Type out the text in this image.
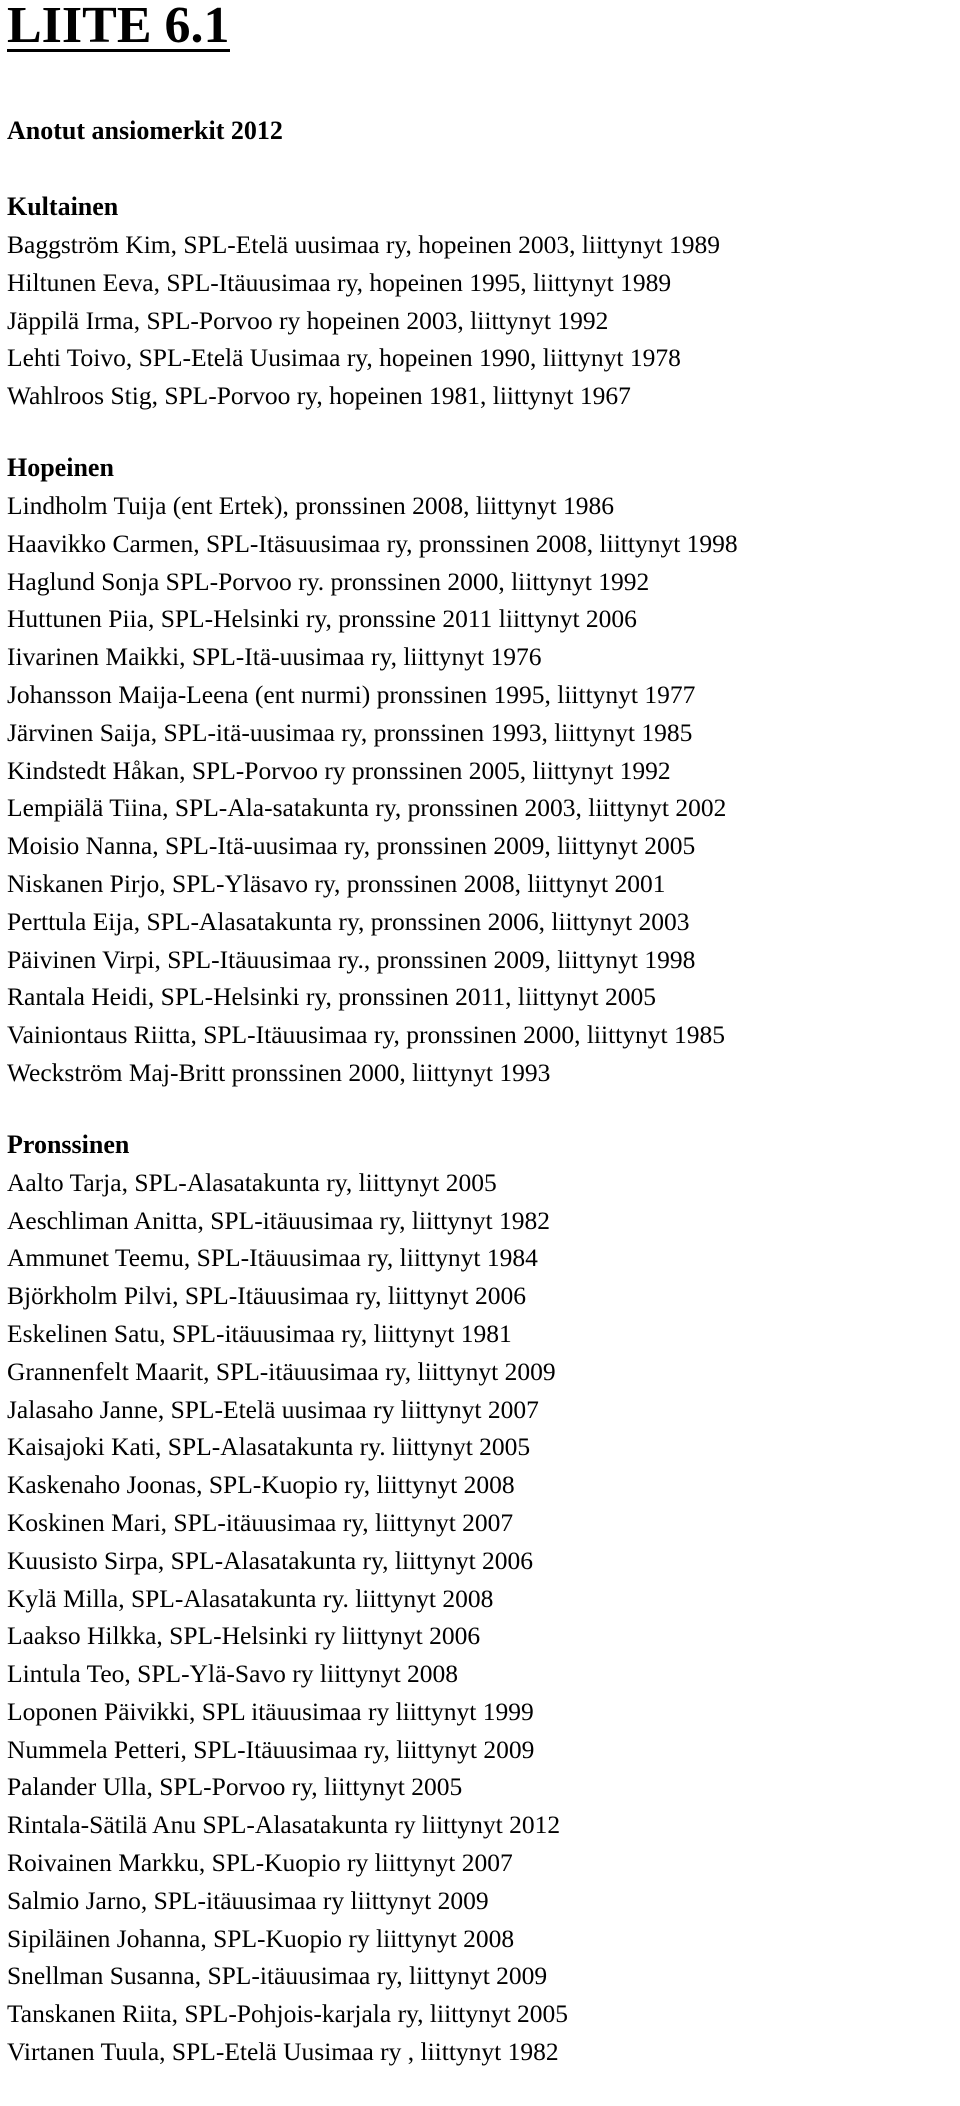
LIITE 6.1
Anotut ansiomerkit 2012
Kultainen
Baggström Kim, SPL-Etelä uusimaa ry, hopeinen 2003, liittynyt 1989
Hiltunen Eeva, SPL-Itäuusimaa ry, hopeinen 1995, liittynyt 1989
Jäppilä Irma, SPL-Porvoo ry hopeinen 2003, liittynyt 1992
Lehti Toivo, SPL-Etelä Uusimaa ry, hopeinen 1990, liittynyt 1978
Wahlroos Stig, SPL-Porvoo ry, hopeinen 1981, liittynyt 1967
Hopeinen
Lindholm Tuija (ent Ertek), pronssinen 2008, liittynyt 1986
Haavikko Carmen, SPL-Itäsuusimaa ry, pronssinen 2008, liittynyt 1998
Haglund Sonja SPL-Porvoo ry. pronssinen 2000, liittynyt 1992
Huttunen Piia, SPL-Helsinki ry, pronssine 2011 liittynyt 2006
Iivarinen Maikki, SPL-Itä-uusimaa ry, liittynyt 1976
Johansson Maija-Leena (ent nurmi) pronssinen 1995, liittynyt 1977
Järvinen Saija, SPL-itä-uusimaa ry, pronssinen 1993, liittynyt 1985
Kindstedt Håkan, SPL-Porvoo ry pronssinen 2005, liittynyt 1992
Lempiälä Tiina, SPL-Ala-satakunta ry, pronssinen 2003, liittynyt 2002
Moisio Nanna, SPL-Itä-uusimaa ry, pronssinen 2009, liittynyt 2005
Niskanen Pirjo, SPL-Yläsavo ry, pronssinen 2008, liittynyt 2001
Perttula Eija, SPL-Alasatakunta ry, pronssinen 2006, liittynyt 2003
Päivinen Virpi, SPL-Itäuusimaa ry., pronssinen 2009, liittynyt 1998
Rantala Heidi, SPL-Helsinki ry, pronssinen 2011, liittynyt 2005
Vainiontaus Riitta, SPL-Itäuusimaa ry, pronssinen 2000, liittynyt 1985
Weckström Maj-Britt pronssinen 2000, liittynyt 1993
Pronssinen
Aalto Tarja, SPL-Alasatakunta ry, liittynyt 2005
Aeschliman Anitta, SPL-itäuusimaa ry, liittynyt 1982
Ammunet Teemu, SPL-Itäuusimaa ry, liittynyt 1984
Björkholm Pilvi, SPL-Itäuusimaa ry, liittynyt 2006
Eskelinen Satu, SPL-itäuusimaa ry, liittynyt 1981
Grannenfelt Maarit, SPL-itäuusimaa ry, liittynyt 2009
Jalasaho Janne, SPL-Etelä uusimaa ry liittynyt 2007
Kaisajoki Kati, SPL-Alasatakunta ry. liittynyt 2005
Kaskenaho Joonas, SPL-Kuopio ry, liittynyt 2008
Koskinen Mari, SPL-itäuusimaa ry, liittynyt 2007
Kuusisto Sirpa, SPL-Alasatakunta ry, liittynyt 2006
Kylä Milla, SPL-Alasatakunta ry. liittynyt 2008
Laakso Hilkka, SPL-Helsinki ry liittynyt 2006
Lintula Teo, SPL-Ylä-Savo ry liittynyt 2008
Loponen Päivikki, SPL itäuusimaa ry liittynyt 1999
Nummela Petteri, SPL-Itäuusimaa ry, liittynyt 2009
Palander Ulla, SPL-Porvoo ry, liittynyt 2005
Rintala-Sätilä Anu SPL-Alasatakunta ry liittynyt 2012
Roivainen Markku, SPL-Kuopio ry liittynyt 2007
Salmio Jarno, SPL-itäuusimaa ry liittynyt 2009
Sipiläinen Johanna, SPL-Kuopio ry liittynyt 2008
Snellman Susanna, SPL-itäuusimaa ry, liittynyt 2009
Tanskanen Riita, SPL-Pohjois-karjala ry, liittynyt 2005
Virtanen Tuula, SPL-Etelä Uusimaa ry , liittynyt 1982
